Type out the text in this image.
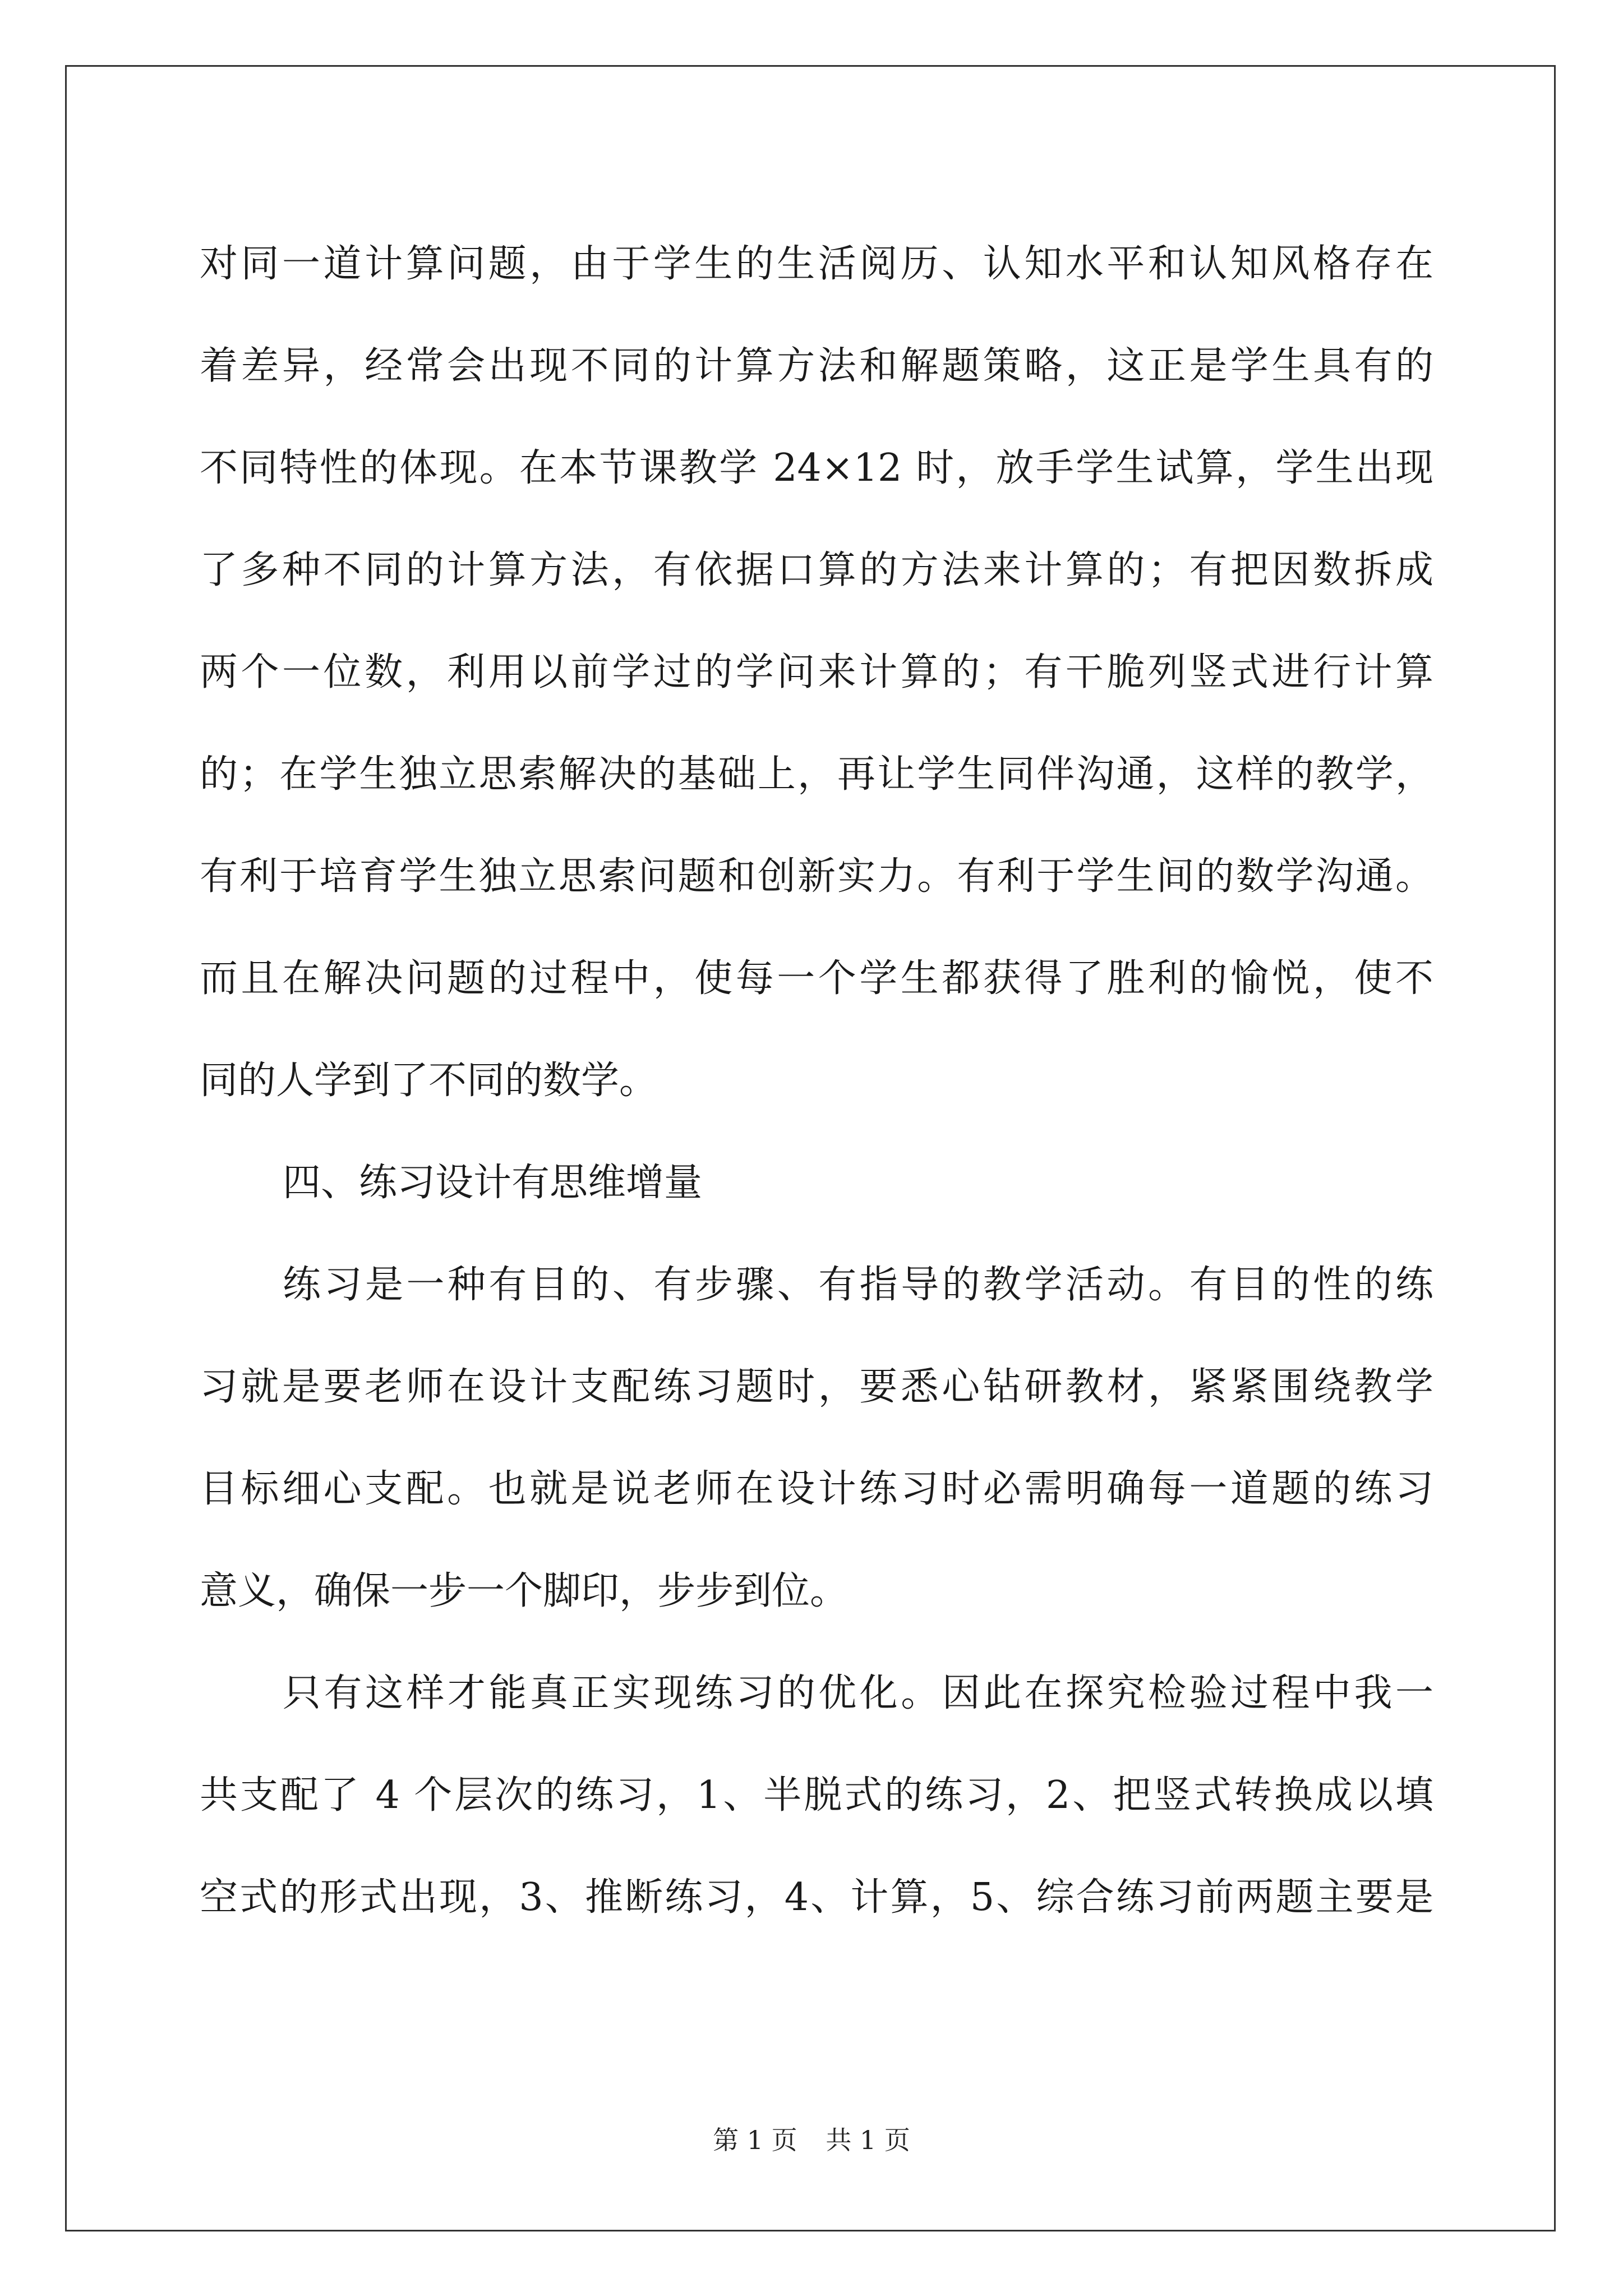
对同一道计算问题，由于学生的生活阅历、认知水平和认知风格存在
着差异，经常会出现不同的计算方法和解题策略，这正是学生具有的
不同特性的体现。在本节课教学 24×12 时，放手学生试算，学生出现
了多种不同的计算方法，有依据口算的方法来计算的；有把因数拆成
两个一位数，利用以前学过的学问来计算的；有干脆列竖式进行计算
的；在学生独立思索解决的基础上，再让学生同伴沟通，这样的教学，
有利于培育学生独立思索问题和创新实力。有利于学生间的数学沟通。
而且在解决问题的过程中，使每一个学生都获得了胜利的愉悦，使不
同的人学到了不同的数学。
四、练习设计有思维增量
练习是一种有目的、有步骤、有指导的教学活动。有目的性的练
习就是要老师在设计支配练习题时，要悉心钻研教材，紧紧围绕教学
目标细心支配。也就是说老师在设计练习时必需明确每一道题的练习
意义，确保一步一个脚印，步步到位。
只有这样才能真正实现练习的优化。因此在探究检验过程中我一
共支配了 4 个层次的练习，1、半脱式的练习，2、把竖式转换成以填
空式的形式出现，3、推断练习，4、计算，5、综合练习前两题主要是
第 1 页 共 1 页
